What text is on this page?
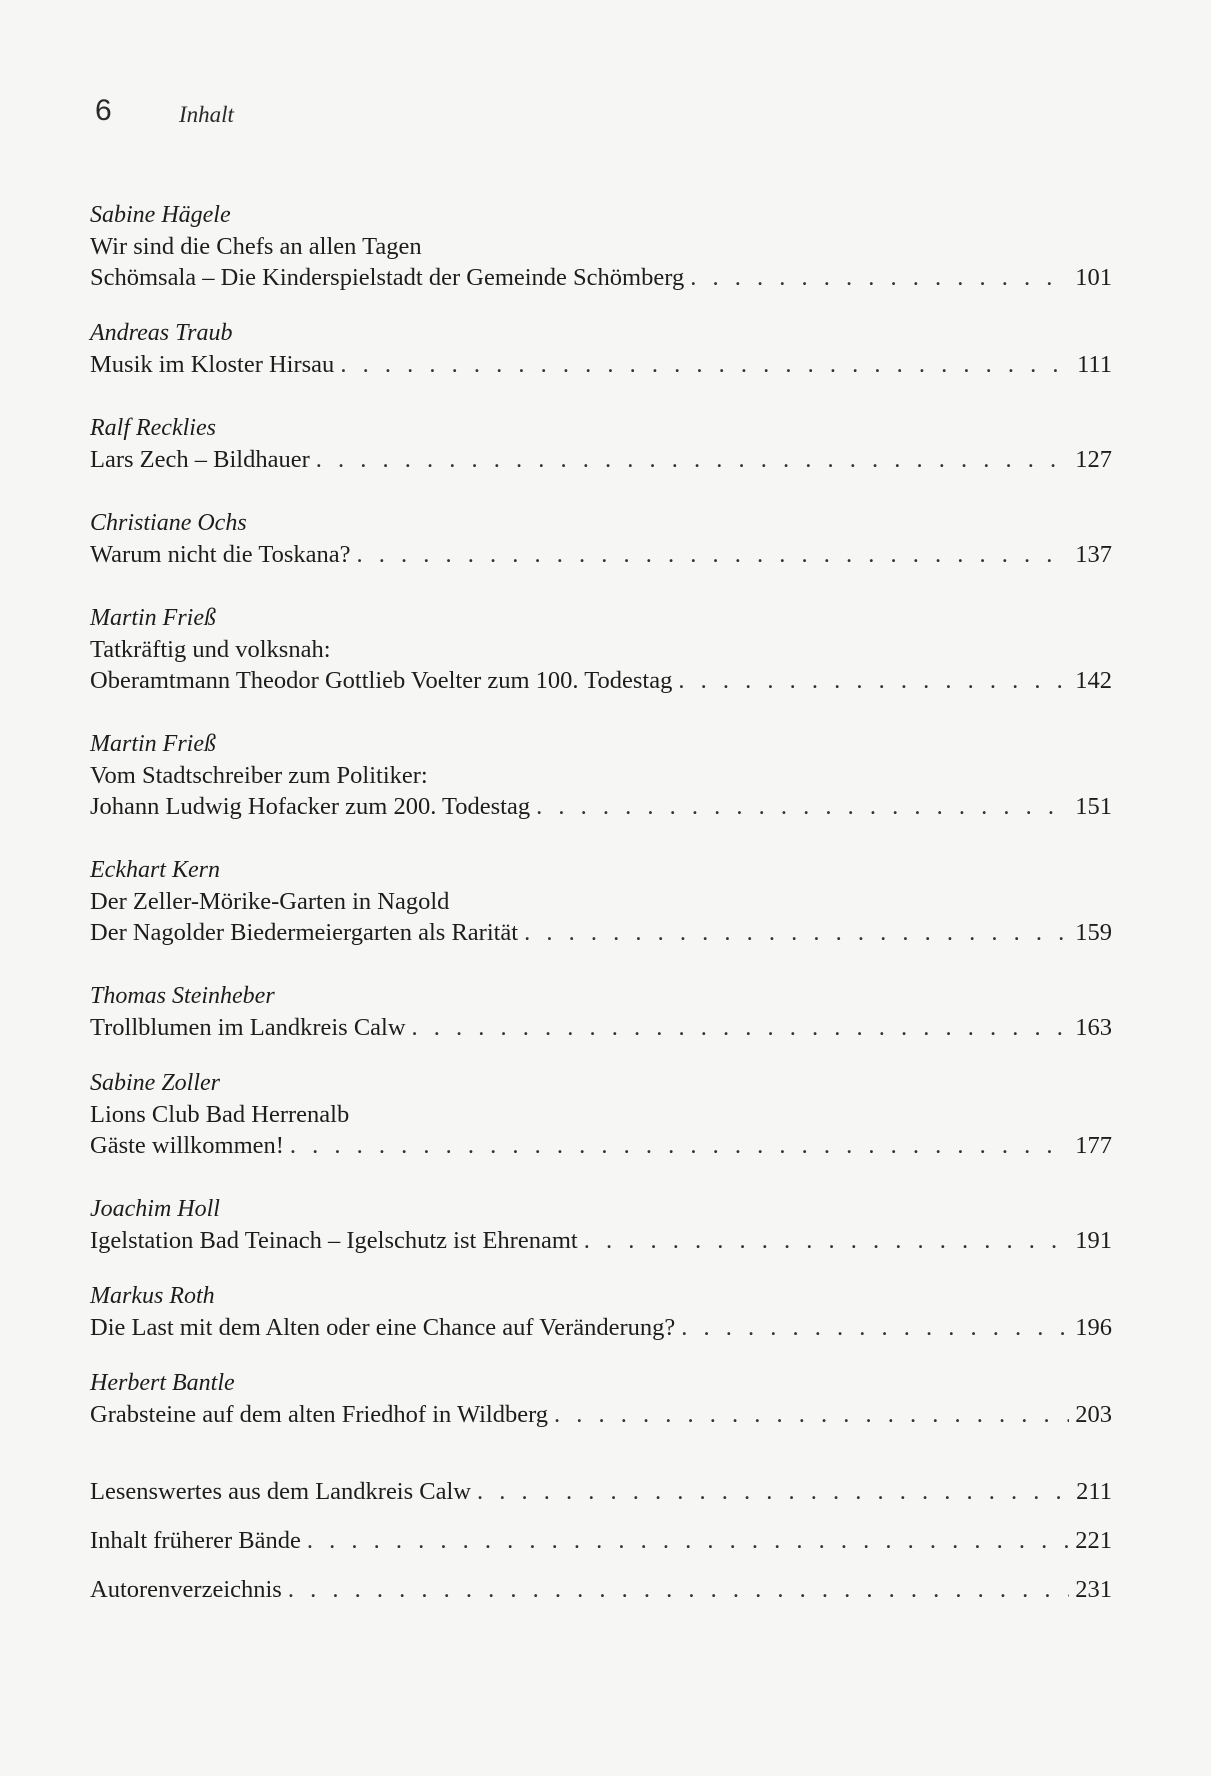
6	Inhalt
Sabine Hägele
Wir sind die Chefs an allen Tagen
Schömsala – Die Kinderspielstadt der Gemeinde Schömberg . . .	101
Andreas Traub
Musik im Kloster Hirsau . . .	111
Ralf Recklies
Lars Zech – Bildhauer . . .	127
Christiane Ochs
Warum nicht die Toskana? . . .	137
Martin Frieß
Tatkräftig und volksnah:
Oberamtmann Theodor Gottlieb Voelter zum 100. Todestag . . .	142
Martin Frieß
Vom Stadtschreiber zum Politiker:
Johann Ludwig Hofacker zum 200. Todestag . . .	151
Eckhart Kern
Der Zeller-Mörike-Garten in Nagold
Der Nagolder Biedermeiergarten als Rarität . . .	159
Thomas Steinheber
Trollblumen im Landkreis Calw . . .	163
Sabine Zoller
Lions Club Bad Herrenalb
Gäste willkommen! . . .	177
Joachim Holl
Igelstation Bad Teinach – Igelschutz ist Ehrenamt . . .	191
Markus Roth
Die Last mit dem Alten oder eine Chance auf Veränderung? . . .	196
Herbert Bantle
Grabsteine auf dem alten Friedhof in Wildberg . . .	203
Lesenswertes aus dem Landkreis Calw . . .	211
Inhalt früherer Bände . . .	221
Autorenverzeichnis . . .	231
